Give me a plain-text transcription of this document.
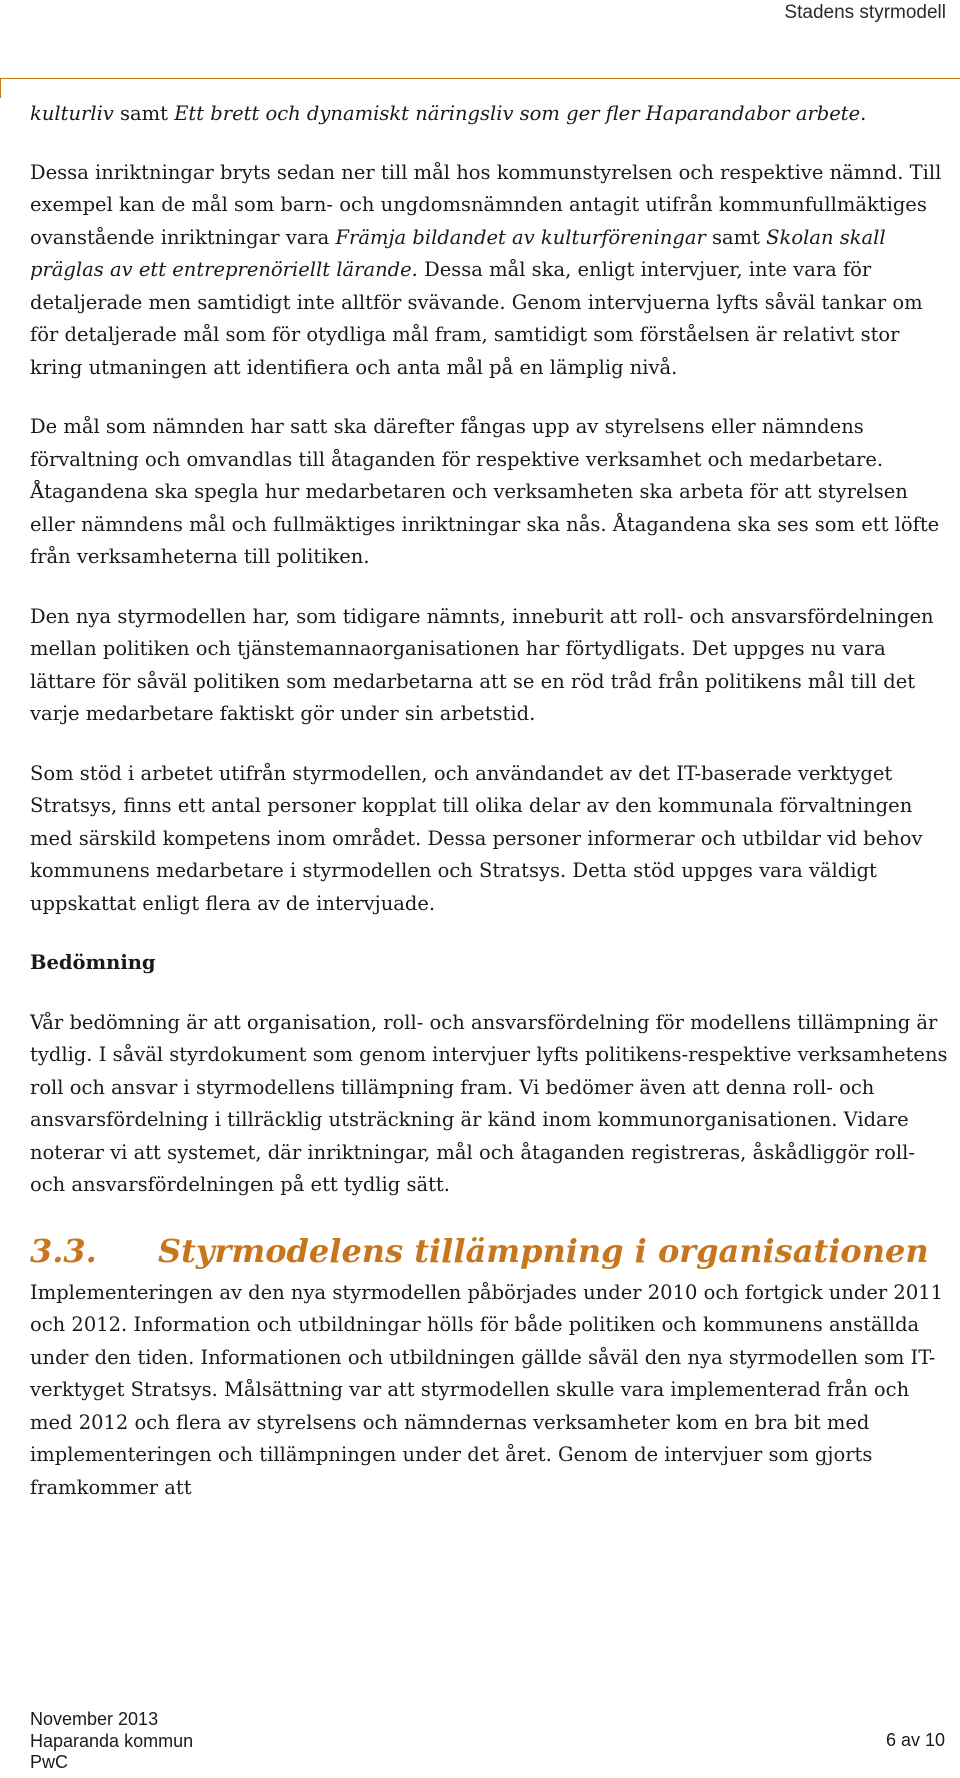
Stadens styrmodell

kulturliv samt Ett brett och dynamiskt näringsliv som ger fler Haparandabor arbete.

Dessa inriktningar bryts sedan ner till mål hos kommunstyrelsen och respektive nämnd. Till exempel kan de mål som barn- och ungdomsnämnden antagit utifrån kommunfullmäktiges ovanstående inriktningar vara Främja bildandet av kulturföreningar samt Skolan skall präglas av ett entreprenöriellt lärande. Dessa mål ska, enligt intervjuer, inte vara för detaljerade men samtidigt inte alltför svävande. Genom intervjuerna lyfts såväl tankar om för detaljerade mål som för otydliga mål fram, samtidigt som förståelsen är relativt stor kring utmaningen att identifiera och anta mål på en lämplig nivå.

De mål som nämnden har satt ska därefter fångas upp av styrelsens eller nämndens förvaltning och omvandlas till åtaganden för respektive verksamhet och medarbetare. Åtagandena ska spegla hur medarbetaren och verksamheten ska arbeta för att styrelsen eller nämndens mål och fullmäktiges inriktningar ska nås. Åtagandena ska ses som ett löfte från verksamheterna till politiken.

Den nya styrmodellen har, som tidigare nämnts, inneburit att roll- och ansvarsfördelningen mellan politiken och tjänstemannaorganisationen har förtydligats. Det uppges nu vara lättare för såväl politiken som medarbetarna att se en röd tråd från politikens mål till det varje medarbetare faktiskt gör under sin arbetstid.

Som stöd i arbetet utifrån styrmodellen, och användandet av det IT-baserade verktyget Stratsys, finns ett antal personer kopplat till olika delar av den kommunala förvaltningen med särskild kompetens inom området. Dessa personer informerar och utbildar vid behov kommunens medarbetare i styrmodellen och Stratsys. Detta stöd uppges vara väldigt uppskattat enligt flera av de intervjuade.

Bedömning

Vår bedömning är att organisation, roll- och ansvarsfördelning för modellens tillämpning är tydlig. I såväl styrdokument som genom intervjuer lyfts politikens-respektive verksamhetens roll och ansvar i styrmodellens tillämpning fram. Vi bedömer även att denna roll- och ansvarsfördelning i tillräcklig utsträckning är känd inom kommunorganisationen. Vidare noterar vi att systemet, där inriktningar, mål och åtaganden registreras, åskådliggör roll- och ansvarsfördelningen på ett tydlig sätt.

3.3. Styrmodelens tillämpning i organisationen

Implementeringen av den nya styrmodellen påbörjades under 2010 och fortgick under 2011 och 2012. Information och utbildningar hölls för både politiken och kommunens anställda under den tiden. Informationen och utbildningen gällde såväl den nya styrmodellen som IT- verktyget Stratsys. Målsättning var att styrmodellen skulle vara implementerad från och med 2012 och flera av styrelsens och nämndernas verksamheter kom en bra bit med implementeringen och tillämpningen under det året. Genom de intervjuer som gjorts framkommer att

November 2013
Haparanda kommun
PwC
6 av 10
